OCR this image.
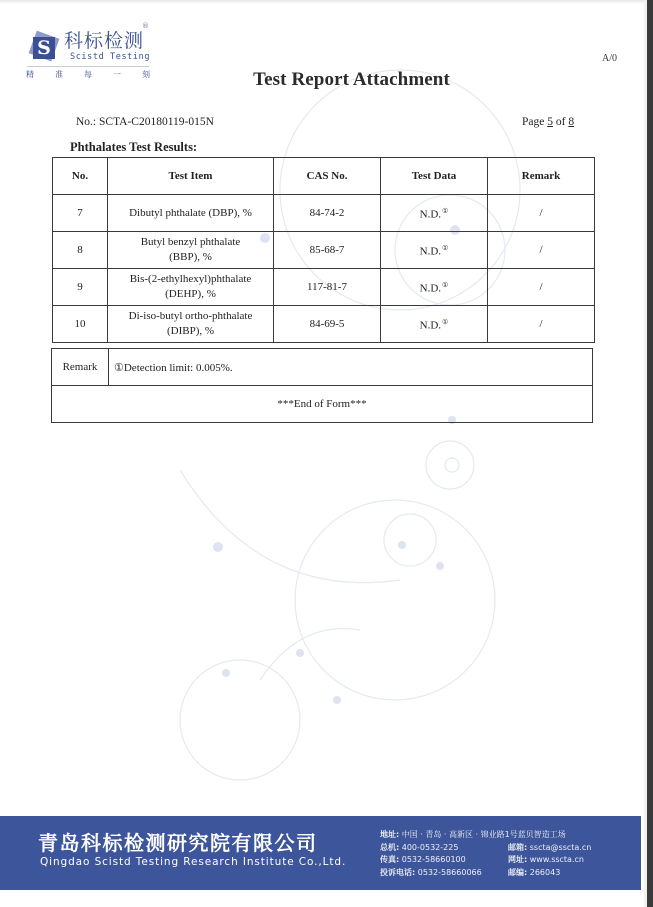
S 科标检测
®
Scistd Testing
精	准	每	一	刻
A/0
Test Report Attachment
No.: SCTA-C20180119-015N	Page 5 of 8
Phthalates Test Results:
No.	Test Item	CAS No.	Test Data	Remark
7	Dibutyl phthalate (DBP), %	84-74-2	N.D.①	/
8	Butyl benzyl phthalate
(BBP), %	85-68-7	N.D.①	/
9	Bis-(2-ethylhexyl)phthalate
(DEHP), %	117-81-7	N.D.①	/
10	Di-iso-butyl ortho-phthalate
(DIBP), %	84-69-5	N.D.①	/
Remark	①Detection limit: 0.005%.
***End of Form***
青岛科标检测研究院有限公司
Qingdao Scistd Testing Research Institute Co.,Ltd.
地址:
中国 · 青岛 · 高新区 · 锦业路1号蓝贝智造工场
总机: 400-0532-225	邮箱: sscta@sscta.cn
传真: 0532-58660100	网址: www.sscta.cn
投诉电话: 0532-58660066	邮编: 266043
